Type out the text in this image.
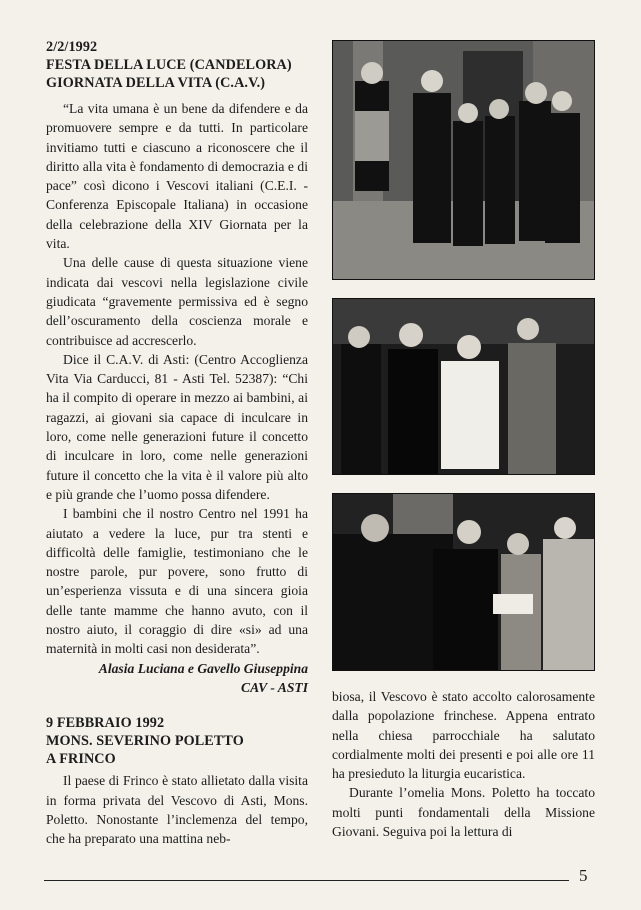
2/2/1992
FESTA DELLA LUCE (CANDELORA)
GIORNATA DELLA VITA (C.A.V.)

“La vita umana è un bene da difendere e da promuovere sempre e da tutti. In particolare invitiamo tutti e ciascuno a riconoscere che il diritto alla vita è fondamento di democrazia e di pace” così dicono i Vescovi italiani (C.E.I. - Conferenza Episcopale Italiana) in occasione della celebrazione della XIV Giornata per la vita.

Una delle cause di questa situazione viene indicata dai vescovi nella legislazione civile giudicata “gravemente permissiva ed è segno dell’oscuramento della coscienza morale e contribuisce ad accrescerlo.

Dice il C.A.V. di Asti: (Centro Accoglienza Vita Via Carducci, 81 - Asti Tel. 52387): “Chi ha il compito di operare in mezzo ai bambini, ai ragazzi, ai giovani sia capace di inculcare in loro, come nelle generazioni future il concetto di inculcare in loro, come nelle generazioni future il concetto che la vita è il valore più alto e più grande che l’uomo possa difendere.

I bambini che il nostro Centro nel 1991 ha aiutato a vedere la luce, pur tra stenti e difficoltà delle famiglie, testimoniano che le nostre parole, pur povere, sono frutto di un’esperienza vissuta e di una sincera gioia delle tante mamme che hanno avuto, con il nostro aiuto, il coraggio di dire «si» ad una maternità in molti casi non desiderata”.

Alasia Luciana e Gavello Giuseppina
CAV - ASTI
9 FEBBRAIO 1992
MONS. SEVERINO POLETTO
A FRINCO

Il paese di Frinco è stato allietato dalla visita in forma privata del Vescovo di Asti, Mons. Poletto. Nonostante l’inclemenza del tempo, che ha preparato una mattina neb-

biosa, il Vescovo è stato accolto calorosamente dalla popolazione frinchese. Appena entrato nella chiesa parrocchiale ha salutato cordialmente molti dei presenti e poi alle ore 11 ha presieduto la liturgia eucaristica.

Durante l’omelia Mons. Poletto ha toccato molti punti fondamentali della Missione Giovani. Seguiva poi la lettura di

5
